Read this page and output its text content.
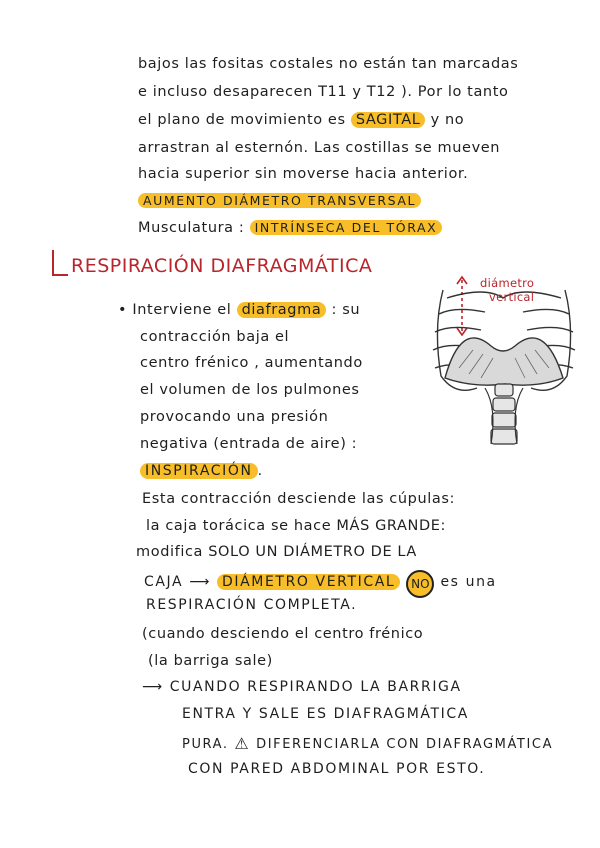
bajos las fositas costales no están tan marcadas
e incluso desaparecen T11 y T12 ). Por lo tanto
el plano de movimiento es SAGITAL y no
arrastran al esternón. Las costillas se mueven
hacia superior sin moverse hacia anterior.
AUMENTO DIÁMETRO TRANSVERSAL
Musculatura : INTRÍNSECA DEL TÓRAX
RESPIRACIÓN DIAFRAGMÁTICA
• Interviene el diafragma : su
contracción baja el
centro frénico , aumentando
el volumen de los pulmones
provocando una presión
negativa (entrada de aire) :
INSPIRACIÓN .
Esta contracción desciende las cúpulas:
la caja torácica se hace MÁS GRANDE:
modifica SOLO UN DIÁMETRO DE LA
CAJA ⟶ DIÁMETRO VERTICAL NO es una
RESPIRACIÓN COMPLETA.
(cuando desciendo el centro frénico
(la barriga sale)
⟶ CUANDO RESPIRANDO LA BARRIGA
ENTRA Y SALE ES DIAFRAGMÁTICA
PURA. ⚠ DIFERENCIARLA CON DIAFRAGMÁTICA
CON PARED ABDOMINAL POR ESTO.
diámetro
vertical
